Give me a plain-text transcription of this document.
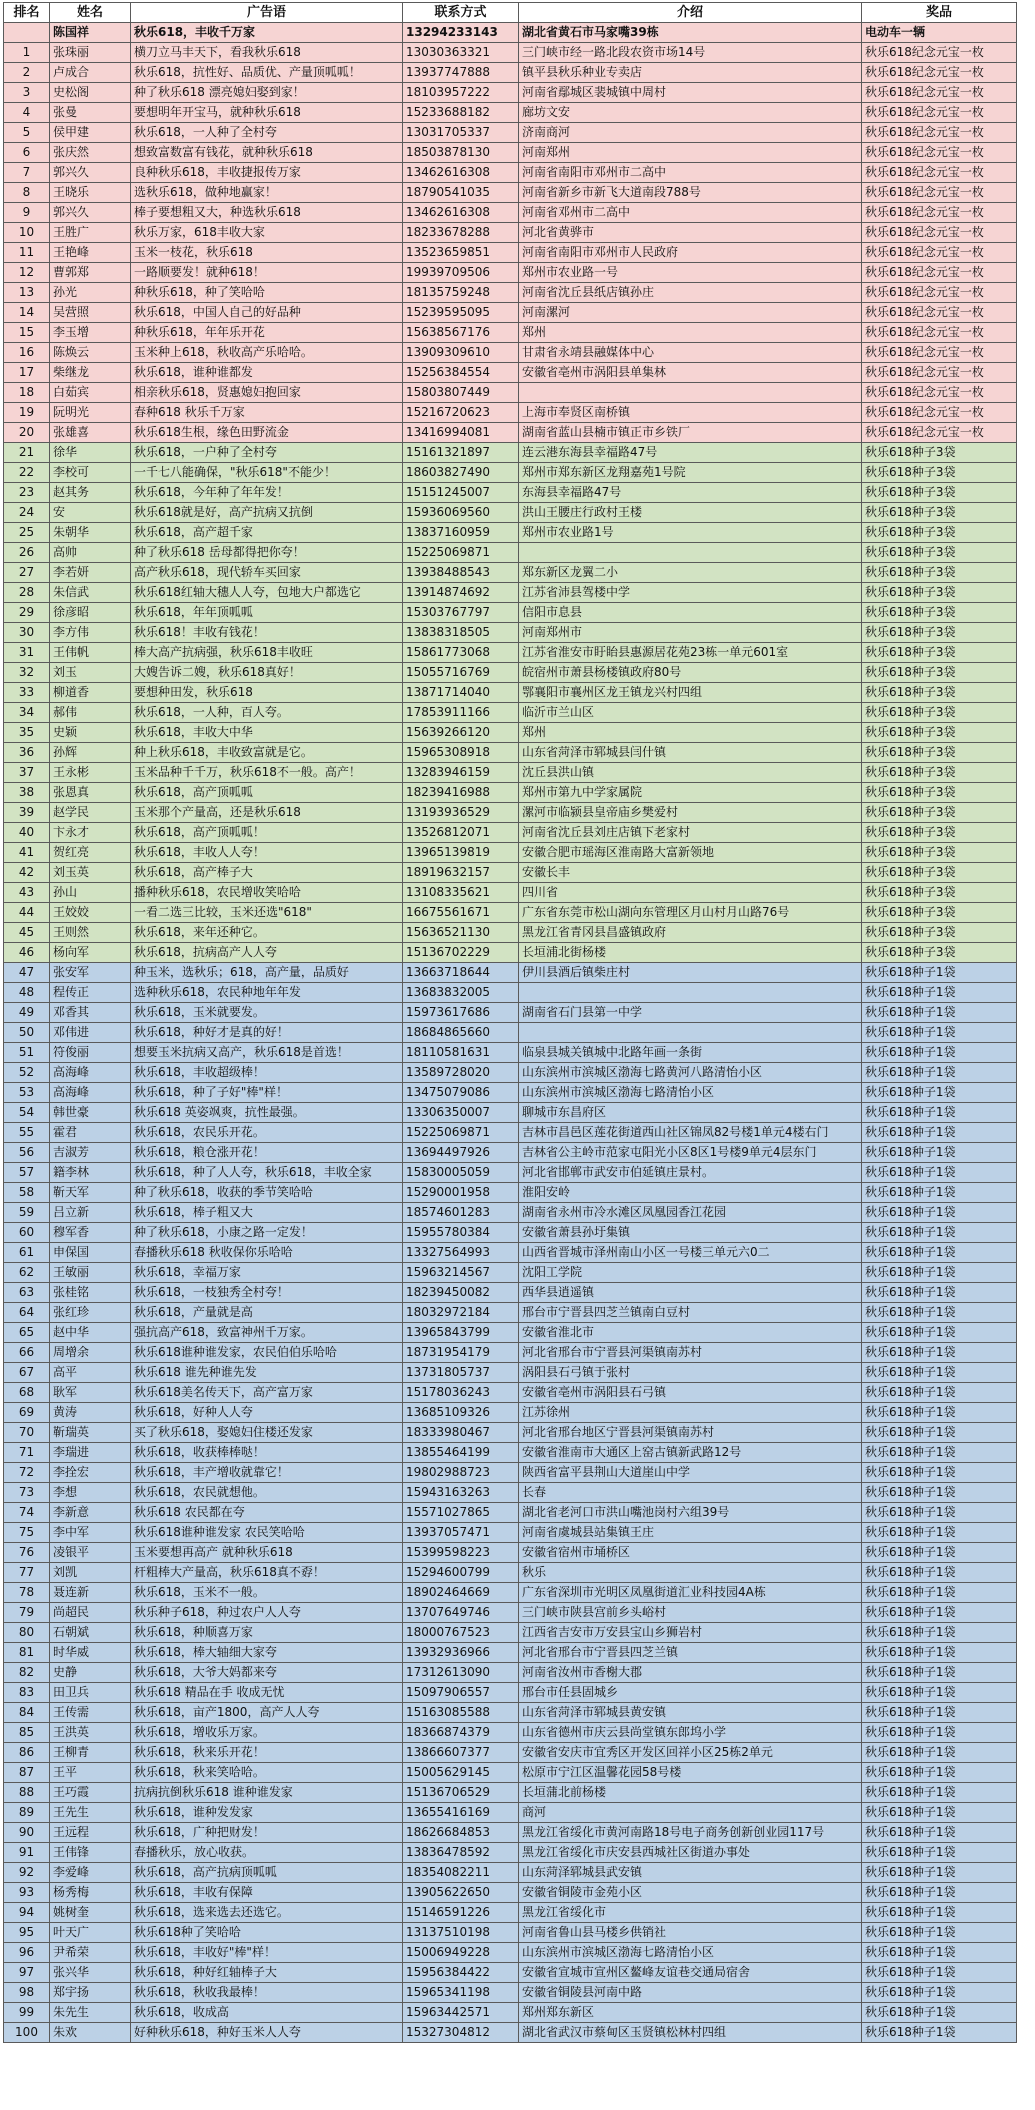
排名	姓名	广告语	联系方式	介绍	奖品
	陈国祥	秋乐618，丰收千万家	13294233143	湖北省黄石市马家嘴39栋	电动车一辆
1	张珠丽	横刀立马丰天下，看我秋乐618	13030363321	三门峡市经一路北段农资市场14号	秋乐618纪念元宝一枚
2	卢成合	秋乐618，抗性好、品质优、产量顶呱呱！	13937747888	镇平县秋乐种业专卖店	秋乐618纪念元宝一枚
3	史松阁	种了秋乐618 漂亮媳妇娶到家！	18103957222	河南省鄢城区裴城镇中周村	秋乐618纪念元宝一枚
4	张曼	要想明年开宝马，就种秋乐618	15233688182	廊坊文安	秋乐618纪念元宝一枚
5	侯甲建	秋乐618，一人种了全村夸	13031705337	济南商河	秋乐618纪念元宝一枚
6	张庆然	想致富数富有钱花，就种秋乐618	18503878130	河南郑州	秋乐618纪念元宝一枚
7	郭兴久	良种秋乐618，丰收捷报传万家	13462616308	河南省南阳市邓州市二高中	秋乐618纪念元宝一枚
8	王晓乐	选秋乐618，做种地赢家！	18790541035	河南省新乡市新飞大道南段788号	秋乐618纪念元宝一枚
9	郭兴久	棒子要想粗又大，种选秋乐618	13462616308	河南省邓州市二高中	秋乐618纪念元宝一枚
10	王胜广	秋乐万家，618丰收大家	18233678288	河北省黄骅市	秋乐618纪念元宝一枚
11	王艳峰	玉米一枝花，秋乐618	13523659851	河南省南阳市邓州市人民政府	秋乐618纪念元宝一枚
12	曹郭郑	一路顺要发！就种618！	19939709506	郑州市农业路一号	秋乐618纪念元宝一枚
13	孙光	种秋乐618，种了笑哈哈	18135759248	河南省沈丘县纸店镇孙庄	秋乐618纪念元宝一枚
14	吴营照	秋乐618，中国人自己的好品种	15239595095	河南漯河	秋乐618纪念元宝一枚
15	李玉增	种秋乐618，年年乐开花	15638567176	郑州	秋乐618纪念元宝一枚
16	陈焕云	玉米种上618，秋收高产乐哈哈。	13909309610	甘肃省永靖县融媒体中心	秋乐618纪念元宝一枚
17	柴继龙	秋乐618，谁种谁都发	15256384554	安徽省亳州市涡阳县单集林	秋乐618纪念元宝一枚
18	白茹宾	相亲秋乐618，贤惠媳妇抱回家	15803807449		秋乐618纪念元宝一枚
19	阮明光	春种618 秋乐千万家	15216720623	上海市奉贤区南桥镇	秋乐618纪念元宝一枚
20	张雄喜	秋乐618生根，缘色田野流金	13416994081	湖南省蓝山县楠市镇正市乡铁厂	秋乐618纪念元宝一枚
21	徐华	秋乐618，一户种了全村夸	15161321897	连云港东海县幸福路47号	秋乐618种子3袋
22	李校可	一千七八能确保，"秋乐618"不能少！	18603827490	郑州市郑东新区龙翔嘉苑1号院	秋乐618种子3袋
23	赵其务	秋乐618，今年种了年年发！	15151245007	东海县幸福路47号	秋乐618种子3袋
24	安	秋乐618就是好，高产抗病又抗倒	15936069560	洪山王腰庄行政村王楼	秋乐618种子3袋
25	朱朝华	秋乐618，高产超千家	13837160959	郑州市农业路1号	秋乐618种子3袋
26	高帅	种了秋乐618 岳母都得把你夸！	15225069871		秋乐618种子3袋
27	李若妍	高产秋乐618，现代轿车买回家	13938488543	郑东新区龙翼二小	秋乐618种子3袋
28	朱信武	秋乐618红轴大穗人人夸，包地大户都选它	13914874692	江苏省沛县驾楼中学	秋乐618种子3袋
29	徐彦昭	秋乐618，年年顶呱呱	15303767797	信阳市息县	秋乐618种子3袋
30	李方伟	秋乐618！丰收有钱花！	13838318505	河南郑州市	秋乐618种子3袋
31	王伟帆	棒大高产抗病强，秋乐618丰收旺	15861773068	江苏省淮安市盱眙县惠源居花苑23栋一单元601室	秋乐618种子3袋
32	刘玉	大嫂告诉二嫂，秋乐618真好！	15055716769	皖宿州市萧县杨楼镇政府80号	秋乐618种子3袋
33	柳道香	要想种田发，秋乐618	13871714040	鄂襄阳市襄州区龙王镇龙兴村四组	秋乐618种子3袋
34	郝伟	秋乐618，一人种，百人夸。	17853911166	临沂市兰山区	秋乐618种子3袋
35	史颖	秋乐618，丰收大中华	15639266120	郑州	秋乐618种子3袋
36	孙辉	种上秋乐618，丰收致富就是它。	15965308918	山东省菏泽市郓城县闫什镇	秋乐618种子3袋
37	王永彬	玉米品种千千万，秋乐618不一般。高产！	13283946159	沈丘县洪山镇	秋乐618种子3袋
38	张恩真	秋乐618，高产顶呱呱	18239416988	郑州市第九中学家属院	秋乐618种子3袋
39	赵学民	玉米那个产量高，还是秋乐618	13193936529	漯河市临颍县皇帝庙乡樊爱村	秋乐618种子3袋
40	卞永才	秋乐618，高产顶呱呱！	13526812071	河南省沈丘县刘庄店镇下老家村	秋乐618种子3袋
41	贺红亮	秋乐618，丰收人人夸！	13965139819	安徽合肥市瑶海区淮南路大富新领地	秋乐618种子3袋
42	刘玉英	秋乐618，高产棒子大	18919632157	安徽长丰	秋乐618种子3袋
43	孙山	播种秋乐618，农民增收笑哈哈	13108335621	四川省	秋乐618种子3袋
44	王姣姣	一看二选三比较，玉米还选"618"	16675561671	广东省东莞市松山湖向东管理区月山村月山路76号	秋乐618种子3袋
45	王则然	秋乐618，来年还种它。	15636521130	黑龙江省青冈县昌盛镇政府	秋乐618种子3袋
46	杨向军	秋乐618，抗病高产人人夸	15136702229	长垣浦北街杨楼	秋乐618种子3袋
47	张安军	种玉米，选秋乐；618，高产量，品质好	13663718644	伊川县酒后镇柴庄村	秋乐618种子1袋
48	程传正	选种秋乐618，农民种地年年发	13683832005		秋乐618种子1袋
49	邓香其	秋乐618，玉米就要发。	15973617686	湖南省石门县第一中学	秋乐618种子1袋
50	邓伟进	秋乐618，种好才是真的好！	18684865660		秋乐618种子1袋
51	符俊丽	想要玉米抗病又高产，秋乐618是首选！	18110581631	临泉县城关镇城中北路年画一条街	秋乐618种子1袋
52	高海峰	秋乐618，丰收超级棒！	13589728020	山东滨州市滨城区渤海七路黄河八路清怡小区	秋乐618种子1袋
53	高海峰	秋乐618，种了子好"棒"样！	13475079086	山东滨州市滨城区渤海七路清怡小区	秋乐618种子1袋
54	韩世豪	秋乐618 英姿飒爽，抗性最强。	13306350007	聊城市东昌府区	秋乐618种子1袋
55	霍君	秋乐618，农民乐开花。	15225069871	吉林市昌邑区莲花街道西山社区锦凤82号楼1单元4楼右门	秋乐618种子1袋
56	吉淑芳	秋乐618，粮仓涨开花！	13694497926	吉林省公主岭市范家屯阳光小区8区1号楼9单元4层东门	秋乐618种子1袋
57	籍李林	秋乐618，种了人人夸，秋乐618，丰收全家	15830005059	河北省邯郸市武安市伯延镇庄景村。	秋乐618种子1袋
58	靳天军	种了秋乐618，收获的季节笑哈哈	15290001958	淮阳安岭	秋乐618种子1袋
59	吕立新	秋乐618，棒子粗又大	18574601283	湖南省永州市冷水滩区凤凰园香江花园	秋乐618种子1袋
60	穆军香	种了秋乐618，小康之路一定发！	15955780384	安徽省萧县孙圩集镇	秋乐618种子1袋
61	申保国	春播秋乐618 秋收保你乐哈哈	13327564993	山西省晋城市泽州南山小区一号楼三单元六0二	秋乐618种子1袋
62	王敏丽	秋乐618，幸福万家	15963214567	沈阳工学院	秋乐618种子1袋
63	张桂铭	秋乐618，一枝独秀全村夸！	18239450082	西华县逍遥镇	秋乐618种子1袋
64	张红珍	秋乐618，产量就是高	18032972184	邢台市宁晋县四芝兰镇南白豆村	秋乐618种子1袋
65	赵中华	强抗高产618，致富神州千万家。	13965843799	安徽省淮北市	秋乐618种子1袋
66	周增余	秋乐618谁种谁发家，农民伯伯乐哈哈	18731954179	河北省邢台市宁晋县河渠镇南苏村	秋乐618种子1袋
67	高平	秋乐618 谁先种谁先发	13731805737	涡阳县石弓镇于张村	秋乐618种子1袋
68	耿军	秋乐618美名传天下，高产富万家	15178036243	安徽省亳州市涡阳县石弓镇	秋乐618种子1袋
69	黄涛	秋乐618，好种人人夸	13685109326	江苏徐州	秋乐618种子1袋
70	靳瑞英	买了秋乐618，娶媳妇住楼还发家	18333980467	河北省邢台地区宁晋县河渠镇南苏村	秋乐618种子1袋
71	李瑞进	秋乐618，收获棒棒哒！	13855464199	安徽省淮南市大通区上窑古镇新武路12号	秋乐618种子1袋
72	李拴宏	秋乐618，丰产增收就靠它！	19802988723	陕西省富平县荆山大道崖山中学	秋乐618种子1袋
73	李想	秋乐618，农民就想他。	15943163263	长春	秋乐618种子1袋
74	李新意	秋乐618 农民都在夸	15571027865	湖北省老河口市洪山嘴池岗村六组39号	秋乐618种子1袋
75	李中军	秋乐618谁种谁发家 农民笑哈哈	13937057471	河南省虞城县站集镇王庄	秋乐618种子1袋
76	凌银平	玉米要想再高产 就种秋乐618	15399598223	安徽省宿州市埇桥区	秋乐618种子1袋
77	刘凯	杆粗棒大产量高，秋乐618真不孬！	15294600799	秋乐	秋乐618种子1袋
78	聂连新	秋乐618，玉米不一般。	18902464669	广东省深圳市光明区凤凰街道汇业科技园4A栋	秋乐618种子1袋
79	尚超民	秋乐种子618，种过农户人人夸	13707649746	三门峡市陕县宫前乡头峪村	秋乐618种子1袋
80	石朝斌	秋乐618，种顺喜万家	18000767523	江西省吉安市万安县宝山乡狮岩村	秋乐618种子1袋
81	时华威	秋乐618，棒大轴细大家夸	13932936966	河北省邢台市宁晋县四芝兰镇	秋乐618种子1袋
82	史静	秋乐618，大爷大妈都来夸	17312613090	河南省汝州市香榭大郡	秋乐618种子1袋
83	田卫兵	秋乐618 精品在手 收成无忧	15097906557	邢台市任县固城乡	秋乐618种子1袋
84	王传需	秋乐618，亩产1800，高产人人夸	15163085588	山东省菏泽市郓城县黄安镇	秋乐618种子1袋
85	王洪英	秋乐618，增收乐万家。	18366874379	山东省德州市庆云县尚堂镇东郎坞小学	秋乐618种子1袋
86	王柳青	秋乐618，秋来乐开花！	13866607377	安徽省安庆市宜秀区开发区回祥小区25栋2单元	秋乐618种子1袋
87	王平	秋乐618，秋来笑哈哈。	15005629145	松原市宁江区温馨花园58号楼	秋乐618种子1袋
88	王巧霞	抗病抗倒秋乐618 谁种谁发家	15136706529	长垣蒲北前杨楼	秋乐618种子1袋
89	王先生	秋乐618，谁种发发家	13655416169	商河	秋乐618种子1袋
90	王远程	秋乐618，广种把财发！	18626684853	黑龙江省绥化市黄河南路18号电子商务创新创业园117号	秋乐618种子1袋
91	王伟锋	春播秋乐，放心收获。	13836478592	黑龙江省绥化市庆安县西城社区街道办事处	秋乐618种子1袋
92	李爱峰	秋乐618，高产抗病顶呱呱	18354082211	山东菏泽郓城县武安镇	秋乐618种子1袋
93	杨秀梅	秋乐618，丰收有保障	13905622650	安徽省铜陵市金苑小区	秋乐618种子1袋
94	姚树奎	秋乐618，选来选去还选它。	15146591226	黑龙江省绥化市	秋乐618种子1袋
95	叶天广	秋乐618种了笑哈哈	13137510198	河南省鲁山县马楼乡供销社	秋乐618种子1袋
96	尹希荣	秋乐618，丰收好"棒"样！	15006949228	山东滨州市滨城区渤海七路清怡小区	秋乐618种子1袋
97	张兴华	秋乐618，种好红轴棒子大	15956384422	安徽省宣城市宣州区鳌峰友谊巷交通局宿舍	秋乐618种子1袋
98	郑宇扬	秋乐618，秋收我最棒！	15965341198	安徽省铜陵县河南中路	秋乐618种子1袋
99	朱先生	秋乐618，收成高	15963442571	郑州郑东新区	秋乐618种子1袋
100	朱欢	好种秋乐618，种好玉米人人夸	15327304812	湖北省武汉市蔡甸区玉贤镇松林村四组	秋乐618种子1袋
